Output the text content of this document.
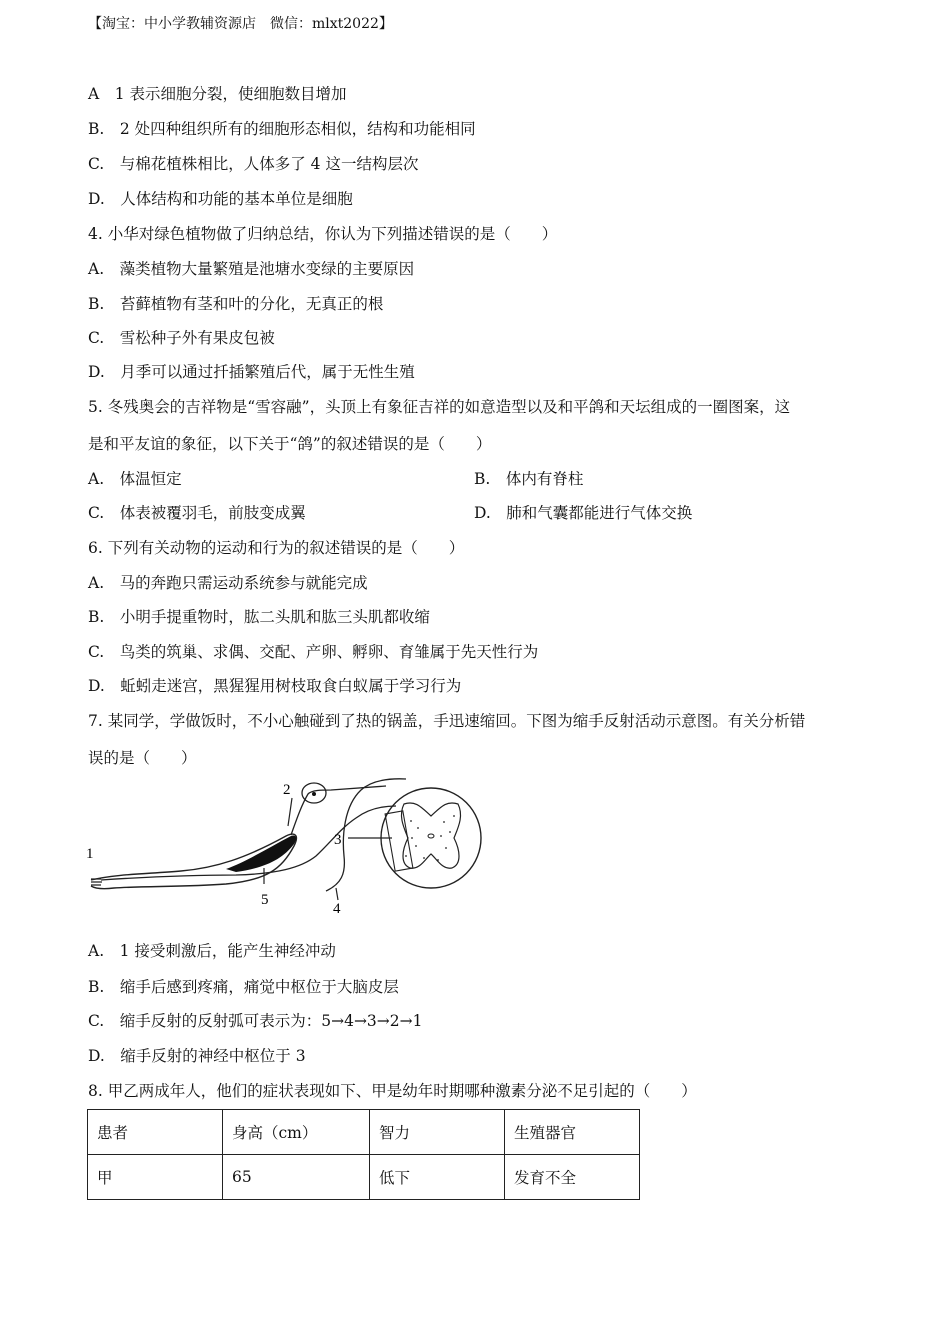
【淘宝：中小学教辅资源店　微信：mlxt2022】
A　1 表示细胞分裂，使细胞数目增加
B.　2 处四种组织所有的细胞形态相似，结构和功能相同
C.　与棉花植株相比，人体多了 4 这一结构层次
D.　人体结构和功能的基本单位是细胞
4. 小华对绿色植物做了归纳总结，你认为下列描述错误的是（　　）
A.　藻类植物大量繁殖是池塘水变绿的主要原因
B.　苔藓植物有茎和叶的分化，无真正的根
C.　雪松种子外有果皮包被
D.　月季可以通过扦插繁殖后代，属于无性生殖
5. 冬残奥会的吉祥物是“雪容融”，头顶上有象征吉祥的如意造型以及和平鸽和天坛组成的一圈图案，这
是和平友谊的象征，以下关于“鸽”的叙述错误的是（　　）
A.　体温恒定	B.　体内有脊柱
C.　体表被覆羽毛，前肢变成翼	D.　肺和气囊都能进行气体交换
6. 下列有关动物的运动和行为的叙述错误的是（　　）
A.　马的奔跑只需运动系统参与就能完成
B.　小明手提重物时，肱二头肌和肱三头肌都收缩
C.　鸟类的筑巢、求偶、交配、产卵、孵卵、育雏属于先天性行为
D.　蚯蚓走迷宫，黑猩猩用树枝取食白蚁属于学习行为
7. 某同学，学做饭时，不小心触碰到了热的锅盖，手迅速缩回。下图为缩手反射活动示意图。有关分析错
误的是（　　）
1
2
3
4
5
A.　1 接受刺激后，能产生神经冲动
B.　缩手后感到疼痛，痛觉中枢位于大脑皮层
C.　缩手反射的反射弧可表示为：5→4→3→2→1
D.　缩手反射的神经中枢位于 3
8. 甲乙两成年人，他们的症状表现如下、甲是幼年时期哪种激素分泌不足引起的（　　）
患者	身高（cm）	智力	生殖器官
甲	65	低下	发育不全
